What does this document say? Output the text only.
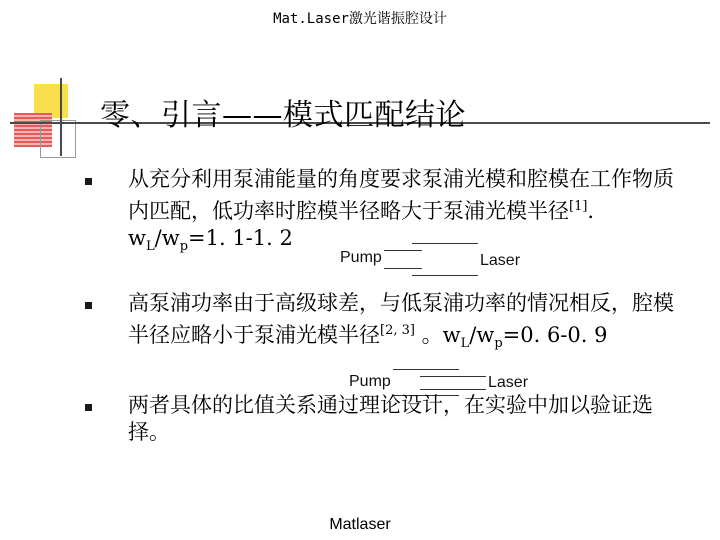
Mat.Laser激光谐振腔设计
零、引言——模式匹配结论
从充分利用泵浦能量的角度要求泵浦光模和腔模在工作物质内匹配，低功率时腔模半径略大于泵浦光模半径[1]. $w_L/w_p=1$. 1-1. 2
Pump	Laser
高泵浦功率由于高级球差，与低泵浦功率的情况相反，腔模半径应略小于泵浦光模半径[2, 3] 。$w_L/w_p=0$. 6-0. 9
Pump	Laser
两者具体的比值关系通过理论设计，在实验中加以验证选择。
Matlaser
